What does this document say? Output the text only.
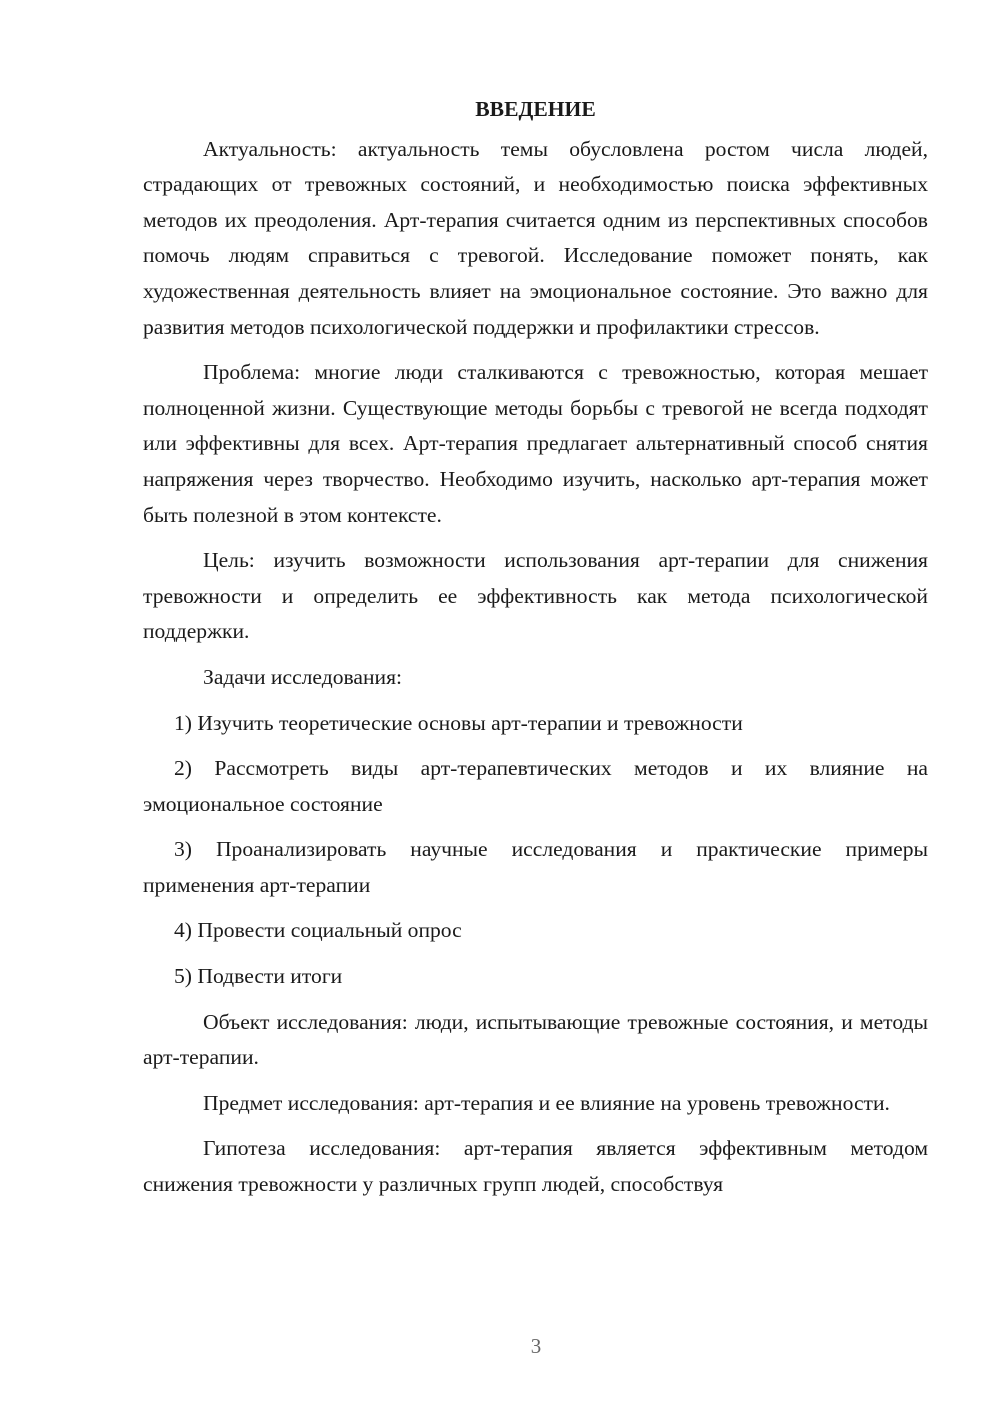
ВВЕДЕНИЕ

Актуальность: актуальность темы обусловлена ростом числа людей, страдающих от тревожных состояний, и необходимостью поиска эффективных методов их преодоления. Арт-терапия считается одним из перспективных способов помочь людям справиться с тревогой. Исследование поможет понять, как художественная деятельность влияет на эмоциональное состояние. Это важно для развития методов психологической поддержки и профилактики стрессов.

Проблема: многие люди сталкиваются с тревожностью, которая мешает полноценной жизни. Существующие методы борьбы с тревогой не всегда подходят или эффективны для всех. Арт-терапия предлагает альтернативный способ снятия напряжения через творчество. Необходимо изучить, насколько арт-терапия может быть полезной в этом контексте.

Цель: изучить возможности использования арт-терапии для снижения тревожности и определить ее эффективность как метода психологической поддержки.

Задачи исследования:

1) Изучить теоретические основы арт-терапии и тревожности

2) Рассмотреть виды арт-терапевтических методов и их влияние на эмоциональное состояние

3) Проанализировать научные исследования и практические примеры применения арт-терапии

4) Провести социальный опрос

5) Подвести итоги

Объект исследования: люди, испытывающие тревожные состояния, и методы арт-терапии.

Предмет исследования: арт-терапия и ее влияние на уровень тревожности.

Гипотеза исследования: арт-терапия является эффективным методом снижения тревожности у различных групп людей, способствуя

3
